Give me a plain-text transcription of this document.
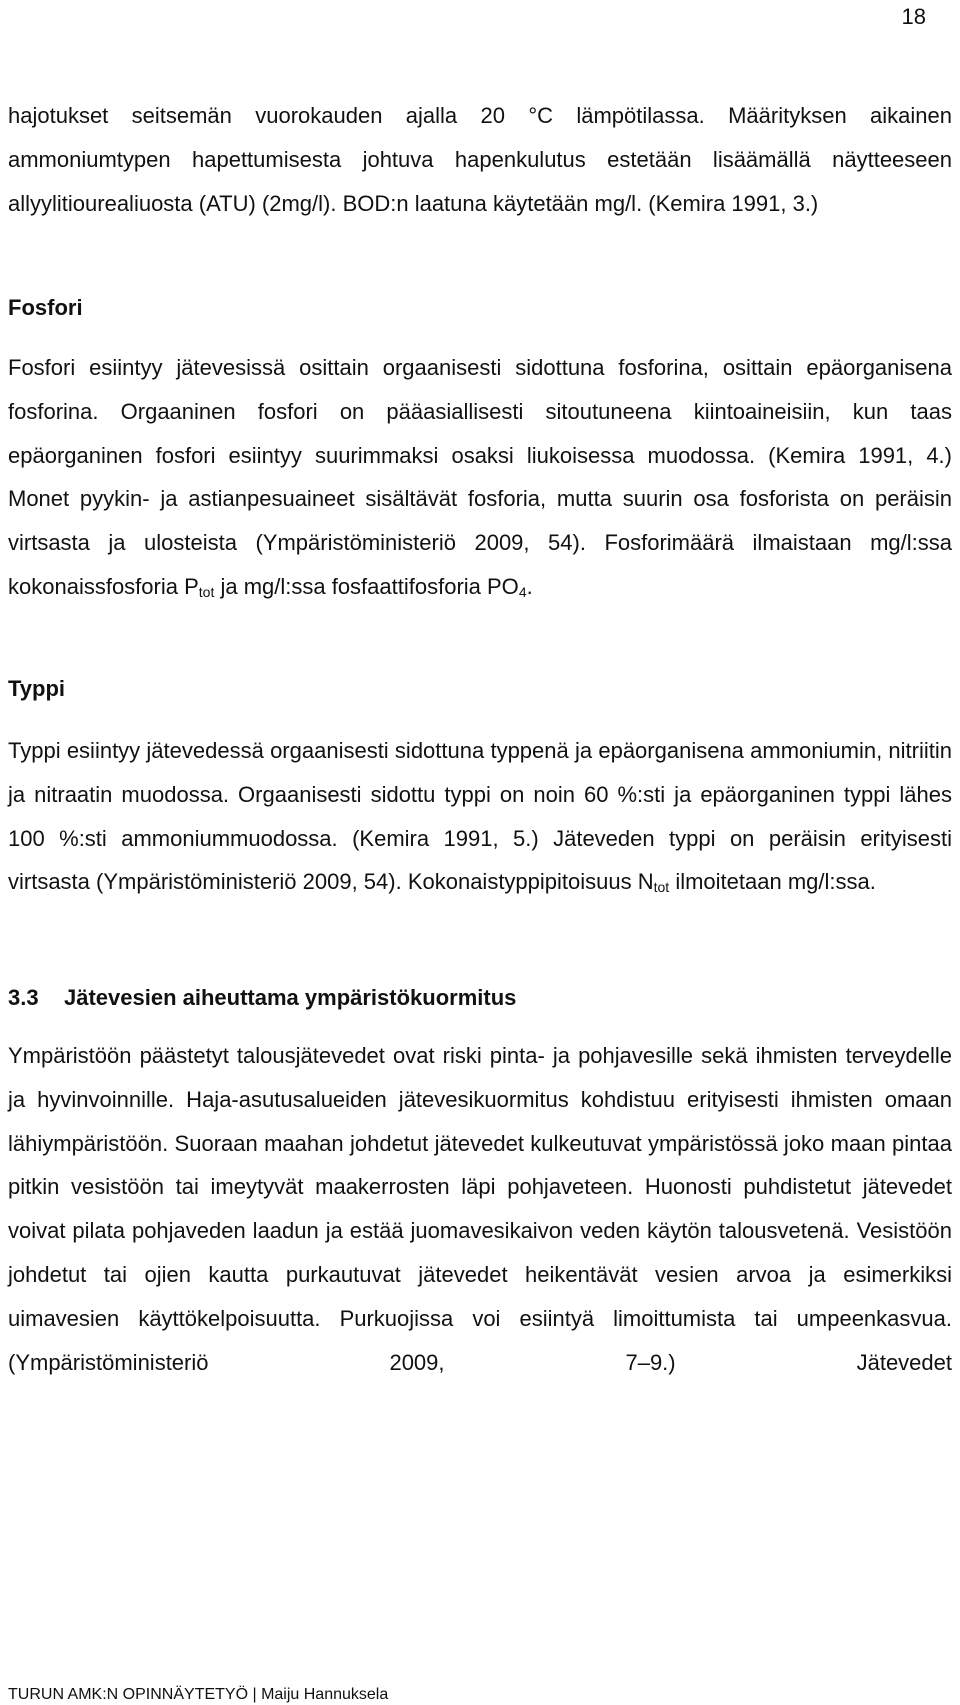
18

hajotukset seitsemän vuorokauden ajalla 20 °C lämpötilassa. Määrityksen aikainen ammoniumtypen hapettumisesta johtuva hapenkulutus estetään lisäämällä näytteeseen allyylitiourealiuosta (ATU) (2mg/l). BOD:n laatuna käytetään mg/l. (Kemira 1991, 3.)

Fosfori

Fosfori esiintyy jätevesissä osittain orgaanisesti sidottuna fosforina, osittain epäorganisena fosforina. Orgaaninen fosfori on pääasiallisesti sitoutuneena kiintoaineisiin, kun taas epäorganinen fosfori esiintyy suurimmaksi osaksi liukoisessa muodossa. (Kemira 1991, 4.) Monet pyykin- ja astianpesuaineet sisältävät fosforia, mutta suurin osa fosforista on peräisin virtsasta ja ulosteista (Ympäristöministeriö 2009, 54). Fosforimäärä ilmaistaan mg/l:ssa kokonaissfosforia $P_{tot}$ ja mg/l:ssa fosfaattifosforia $PO_4$.

Typpi

Typpi esiintyy jätevedessä orgaanisesti sidottuna typpenä ja epäorganisena ammoniumin, nitriitin ja nitraatin muodossa. Orgaanisesti sidottu typpi on noin 60 %:sti ja epäorganinen typpi lähes 100 %:sti ammoniummuodossa. (Kemira 1991, 5.) Jäteveden typpi on peräisin erityisesti virtsasta (Ympäristöministeriö 2009, 54). Kokonaistyppipitoisuus $N_{tot}$ ilmoitetaan mg/l:ssa.

3.3 Jätevesien aiheuttama ympäristökuormitus

Ympäristöön päästetyt talousjätevedet ovat riski pinta- ja pohjavesille sekä ihmisten terveydelle ja hyvinvoinnille. Haja-asutusalueiden jätevesikuormitus kohdistuu erityisesti ihmisten omaan lähiympäristöön. Suoraan maahan johdetut jätevedet kulkeutuvat ympäristössä joko maan pintaa pitkin vesistöön tai imeytyvät maakerrosten läpi pohjaveteen. Huonosti puhdistetut jätevedet voivat pilata pohjaveden laadun ja estää juomavesikaivon veden käytön talousvetenä. Vesistöön johdetut tai ojien kautta purkautuvat jätevedet heikentävät vesien arvoa ja esimerkiksi uimavesien käyttökelpoisuutta. Purkuojissa voi esiintyä limoittumista tai umpeenkasvua. (Ympäristöministeriö 2009, 7–9.) Jätevedet

TURUN AMK:N OPINNÄYTETYÖ | Maiju Hannuksela
